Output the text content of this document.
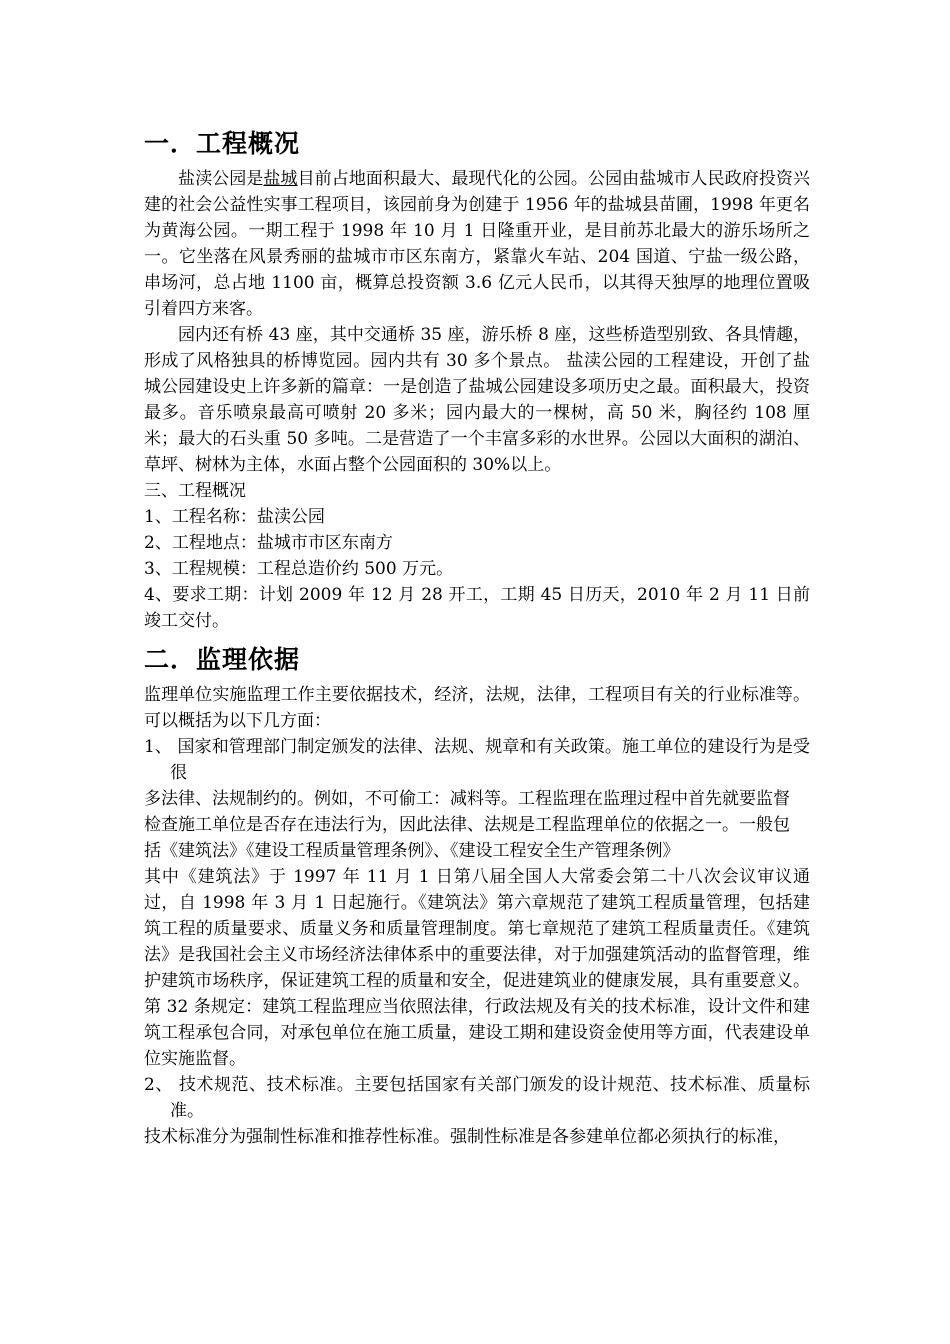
一．工程概况

盐渎公园是盐城目前占地面积最大、最现代化的公园。公园由盐城市人民政府投资兴建的社会公益性实事工程项目，该园前身为创建于 1956 年的盐城县苗圃，1998 年更名为黄海公园。一期工程于 1998 年 10 月 1 日隆重开业，是目前苏北最大的游乐场所之一。它坐落在风景秀丽的盐城市市区东南方，紧靠火车站、204 国道、宁盐一级公路，串场河，总占地 1100 亩，概算总投资额 3.6 亿元人民币，以其得天独厚的地理位置吸引着四方来客。

园内还有桥 43 座，其中交通桥 35 座，游乐桥 8 座，这些桥造型别致、各具情趣，形成了风格独具的桥博览园。园内共有 30 多个景点。 盐渎公园的工程建设，开创了盐城公园建设史上许多新的篇章：一是创造了盐城公园建设多项历史之最。面积最大，投资最多。音乐喷泉最高可喷射 20 多米；园内最大的一棵树，高 50 米，胸径约 108 厘米；最大的石头重 50 多吨。二是营造了一个丰富多彩的水世界。公园以大面积的湖泊、草坪、树林为主体，水面占整个公园面积的 30%以上。

三、工程概况

1、工程名称：盐渎公园

2、工程地点：盐城市市区东南方

3、工程规模：工程总造价约 500 万元。

4、要求工期：计划 2009 年 12 月 28 开工，工期 45 日历天，2010 年 2 月 11 日前竣工交付。

二．监理依据

监理单位实施监理工作主要依据技术，经济，法规，法律，工程项目有关的行业标准等。可以概括为以下几方面：

1、 国家和管理部门制定颁发的法律、法规、规章和有关政策。施工单位的建设行为是受很

多法律、法规制约的。例如，不可偷工：减料等。工程监理在监理过程中首先就要监督

检查施工单位是否存在违法行为，因此法律、法规是工程监理单位的依据之一。一般包

括《建筑法》《建设工程质量管理条例》、《建设工程安全生产管理条例》

其中《建筑法》于 1997 年 11 月 1 日第八届全国人大常委会第二十八次会议审议通过，自 1998 年 3 月 1 日起施行。《建筑法》第六章规范了建筑工程质量管理，包括建筑工程的质量要求、质量义务和质量管理制度。第七章规范了建筑工程质量责任。《建筑法》是我国社会主义市场经济法律体系中的重要法律，对于加强建筑活动的监督管理，维护建筑市场秩序，保证建筑工程的质量和安全，促进建筑业的健康发展，具有重要意义。第 32 条规定：建筑工程监理应当依照法律，行政法规及有关的技术标准，设计文件和建筑工程承包合同，对承包单位在施工质量，建设工期和建设资金使用等方面，代表建设单位实施监督。

2、 技术规范、技术标准。主要包括国家有关部门颁发的设计规范、技术标准、质量标准。

技术标准分为强制性标准和推荐性标准。强制性标准是各参建单位都必须执行的标准，
